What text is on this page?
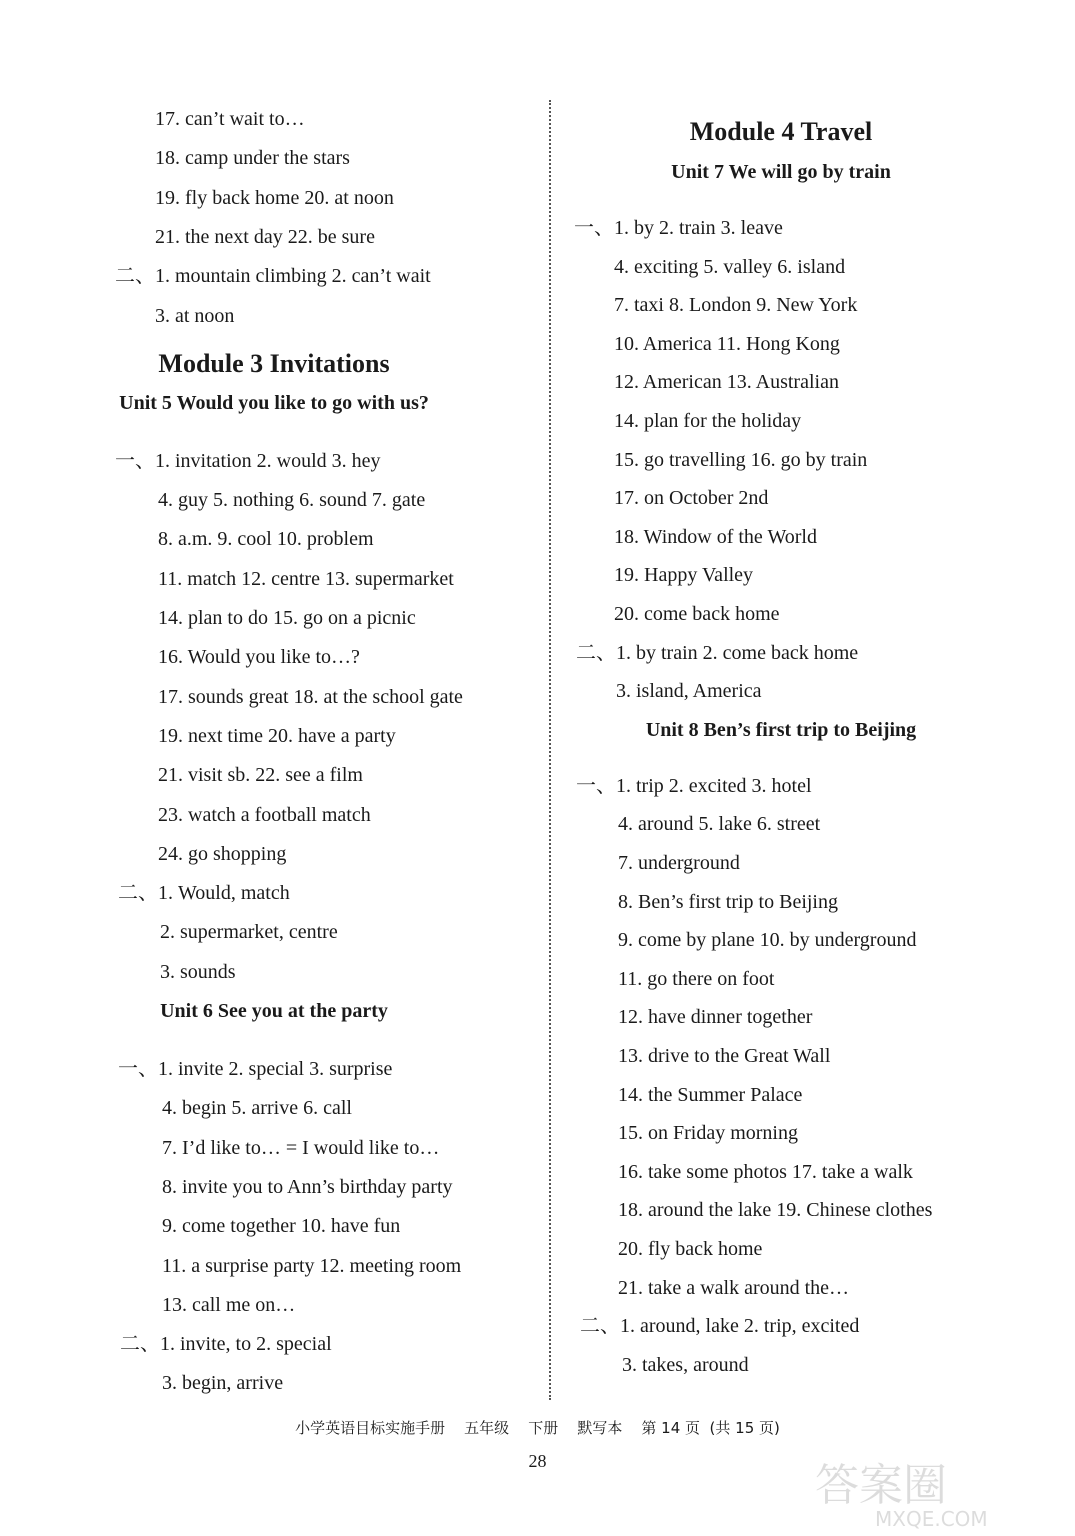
17. can’t wait to…
18. camp under the stars
19. fly back home 20. at noon
21. the next day 22. be sure
二、1. mountain climbing 2. can’t wait
3. at noon
Module 3 Invitations
Unit 5 Would you like to go with us?
一、1. invitation 2. would 3. hey
4. guy 5. nothing 6. sound 7. gate
8. a.m. 9. cool 10. problem
11. match 12. centre 13. supermarket
14. plan to do 15. go on a picnic
16. Would you like to…?
17. sounds great 18. at the school gate
19. next time 20. have a party
21. visit sb. 22. see a film
23. watch a football match
24. go shopping
二、1. Would, match
2. supermarket, centre
3. sounds
Unit 6 See you at the party
一、1. invite 2. special 3. surprise
4. begin 5. arrive 6. call
7. I’d like to… = I would like to…
8. invite you to Ann’s birthday party
9. come together 10. have fun
11. a surprise party 12. meeting room
13. call me on…
二、1. invite, to 2. special
3. begin, arrive
Module 4 Travel
Unit 7 We will go by train
一、1. by 2. train 3. leave
4. exciting 5. valley 6. island
7. taxi 8. London 9. New York
10. America 11. Hong Kong
12. American 13. Australian
14. plan for the holiday
15. go travelling 16. go by train
17. on October 2nd
18. Window of the World
19. Happy Valley
20. come back home
二、1. by train 2. come back home
3. island, America
Unit 8 Ben’s first trip to Beijing
一、1. trip 2. excited 3. hotel
4. around 5. lake 6. street
7. underground
8. Ben’s first trip to Beijing
9. come by plane 10. by underground
11. go there on foot
12. have dinner together
13. drive to the Great Wall
14. the Summer Palace
15. on Friday morning
16. take some photos 17. take a walk
18. around the lake 19. Chinese clothes
20. fly back home
21. take a walk around the…
二、1. around, lake 2. trip, excited
3. takes, around
小学英语目标实施手册    五年级    下册    默写本    第 14 页  (共 15 页)
28	答案圈
MXQE.COM
